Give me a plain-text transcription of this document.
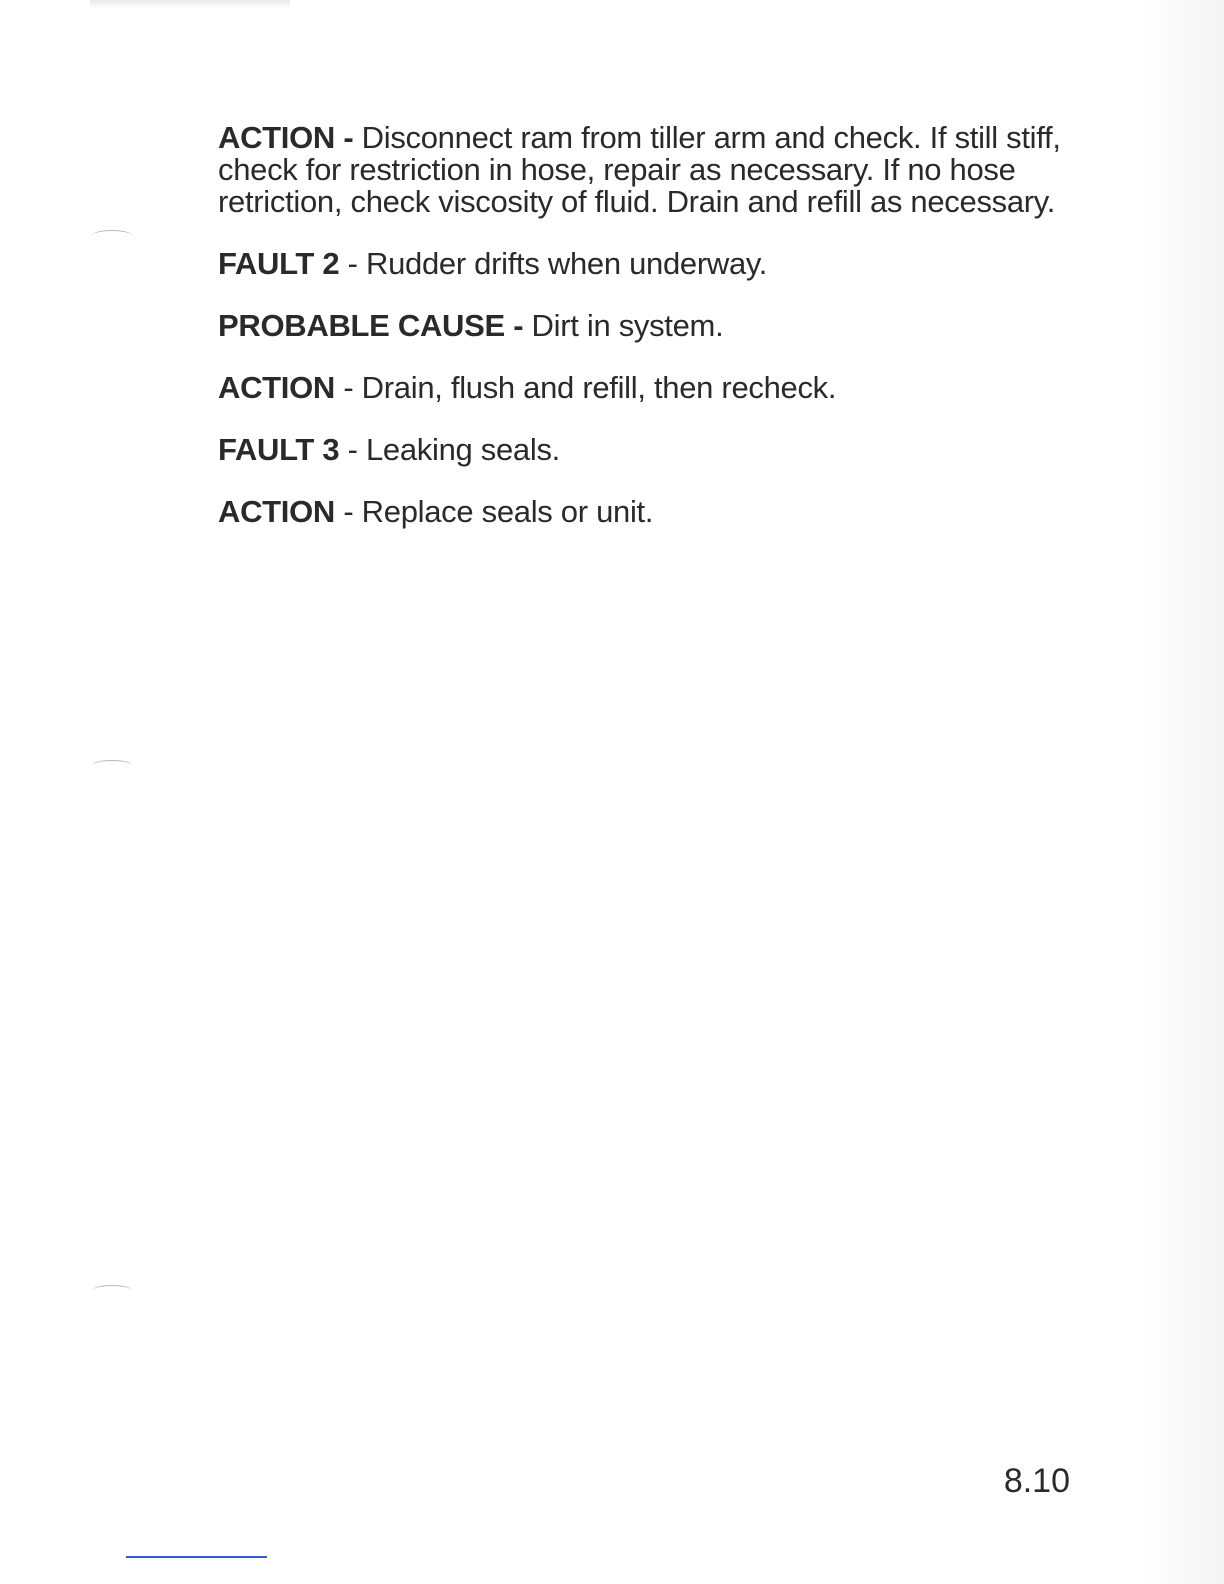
ACTION - Disconnect ram from tiller arm and check. If still stiff, check for restriction in hose, repair as necessary. If no hose retriction, check viscosity of fluid. Drain and refill as necessary.

FAULT 2 - Rudder drifts when underway.

PROBABLE CAUSE - Dirt in system.

ACTION - Drain, flush and refill, then recheck.

FAULT 3 - Leaking seals.

ACTION - Replace seals or unit.

8.10
